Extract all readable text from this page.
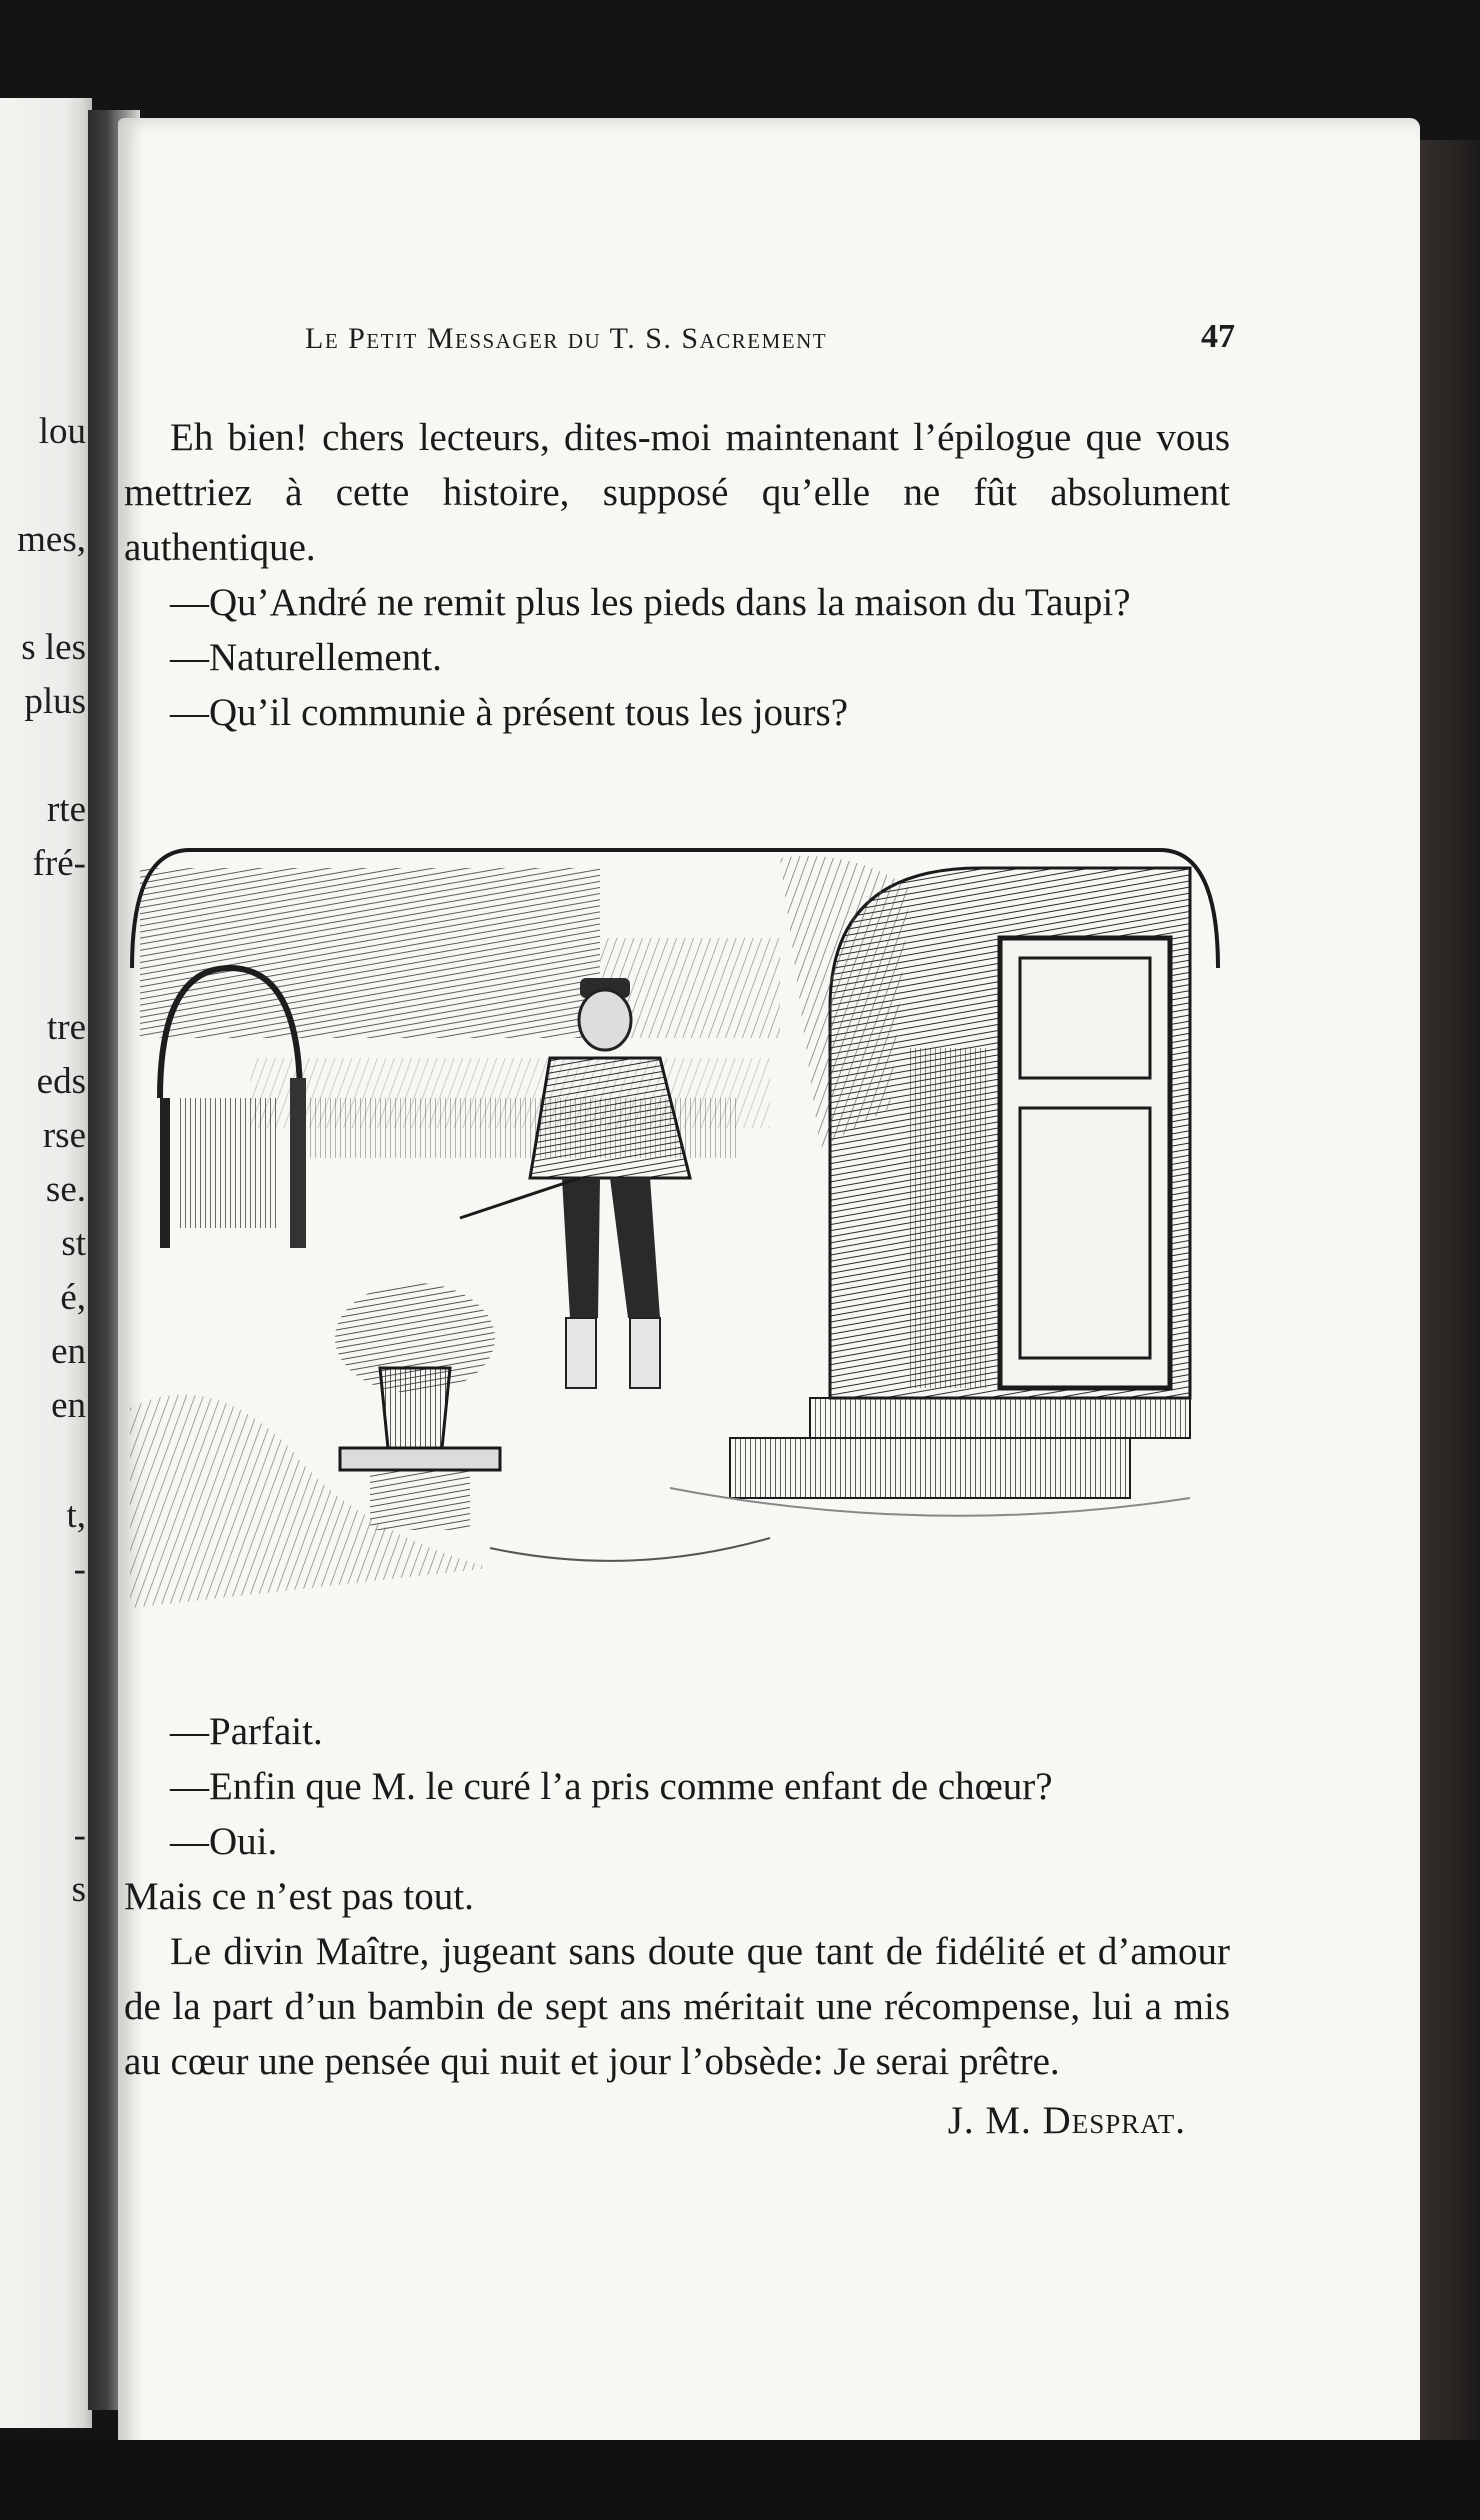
lou
mes,
s les
plus
rte
fré-
tre
eds
rse
se.
st
é,
en
en
t,
-
-
s
Le Petit Messager du T. S. Sacrement	47

Eh bien! chers lecteurs, dites-moi maintenant l’épilogue que vous mettriez à cette histoire, supposé qu’elle ne fût absolument authentique.

—Qu’André ne remit plus les pieds dans la maison du Taupi?

—Naturellement.

—Qu’il communie à présent tous les jours?

—Parfait.

—Enfin que M. le curé l’a pris comme enfant de chœur?

—Oui.

Mais ce n’est pas tout.

Le divin Maître, jugeant sans doute que tant de fidélité et d’amour de la part d’un bambin de sept ans méritait une récompense, lui a mis au cœur une pensée qui nuit et jour l’obsède: Je serai prêtre.

J. M. Desprat.
